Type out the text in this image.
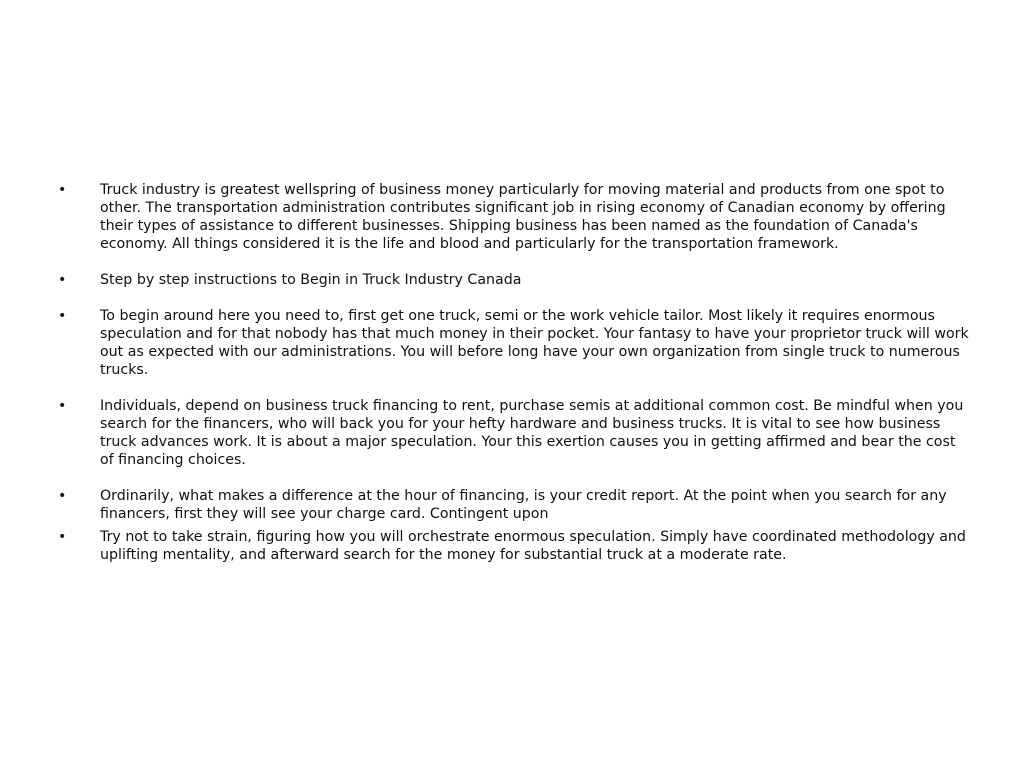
• Truck industry is greatest wellspring of business money particularly for moving material and products from one spot to other. The transportation administration contributes significant job in rising economy of Canadian economy by offering their types of assistance to different businesses. Shipping business has been named as the foundation of Canada's economy. All things considered it is the life and blood and particularly for the transportation framework.
• Step by step instructions to Begin in Truck Industry Canada
• To begin around here you need to, first get one truck, semi or the work vehicle tailor. Most likely it requires enormous speculation and for that nobody has that much money in their pocket. Your fantasy to have your proprietor truck will work out as expected with our administrations. You will before long have your own organization from single truck to numerous trucks.
• Individuals, depend on business truck financing to rent, purchase semis at additional common cost. Be mindful when you search for the financers, who will back you for your hefty hardware and business trucks. It is vital to see how business truck advances work. It is about a major speculation. Your this exertion causes you in getting affirmed and bear the cost of financing choices.
• Ordinarily, what makes a difference at the hour of financing, is your credit report. At the point when you search for any financers, first they will see your charge card. Contingent upon
• Try not to take strain, figuring how you will orchestrate enormous speculation. Simply have coordinated methodology and uplifting mentality, and afterward search for the money for substantial truck at a moderate rate.
